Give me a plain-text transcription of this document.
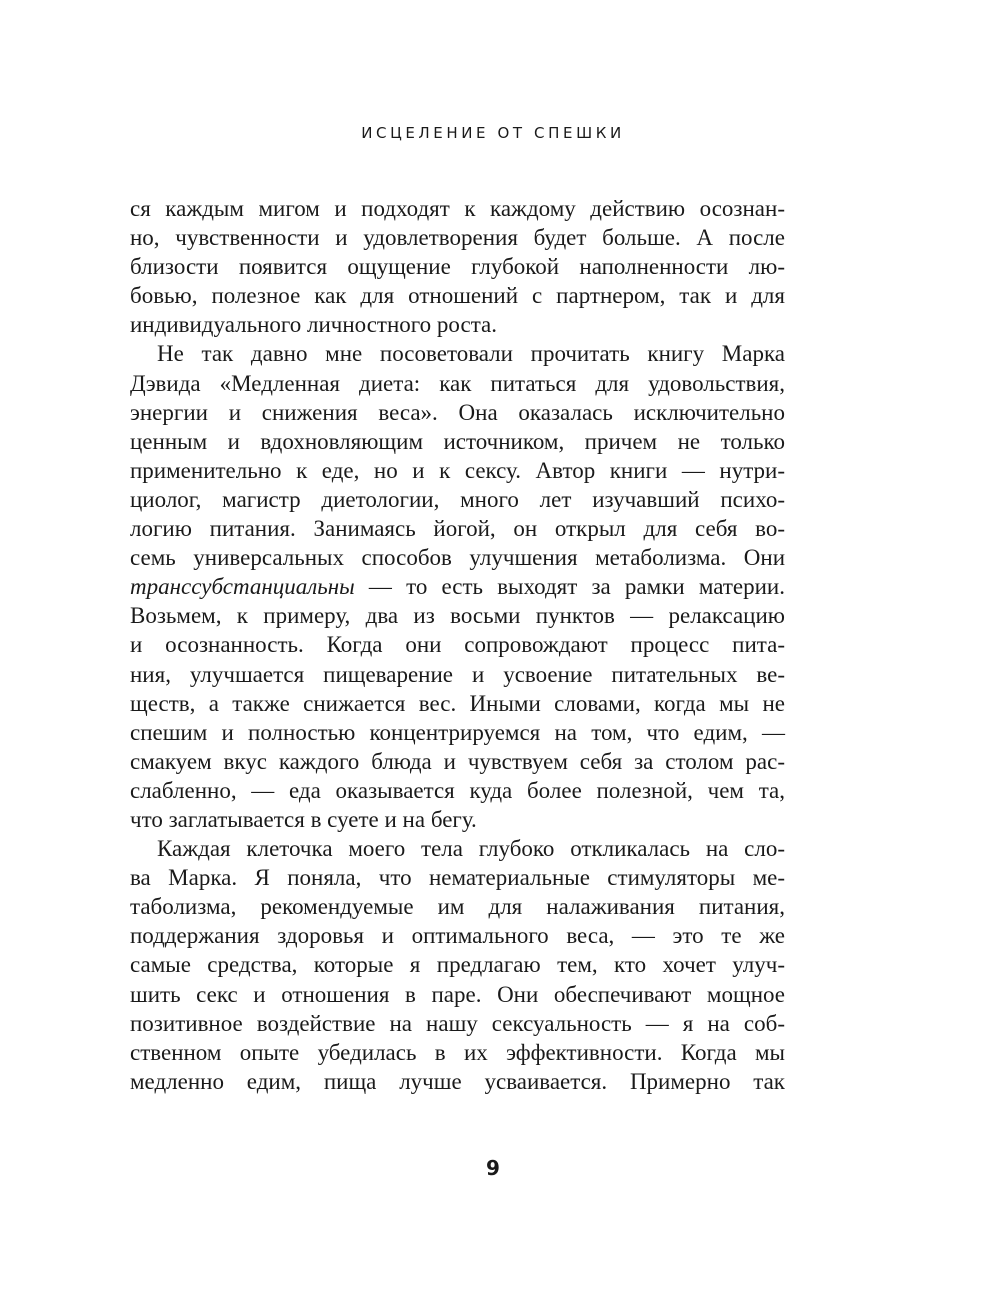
ИСЦЕЛЕНИЕ ОТ СПЕШКИ
ся каждым мигом и подходят к каждому действию осознан-
но, чувственности и удовлетворения будет больше. А после
близости появится ощущение глубокой наполненности лю-
бовью, полезное как для отношений с партнером, так и для
индивидуального личностного роста.
Не так давно мне посоветовали прочитать книгу Марка
Дэвида «Медленная диета: как питаться для удовольствия,
энергии и снижения веса». Она оказалась исключительно
ценным и вдохновляющим источником, причем не только
применительно к еде, но и к сексу. Автор книги — нутри-
циолог, магистр диетологии, много лет изучавший психо-
логию питания. Занимаясь йогой, он открыл для себя во-
семь универсальных способов улучшения метаболизма. Они
транссубстанциальны — то есть выходят за рамки материи.
Возьмем, к примеру, два из восьми пунктов — релаксацию
и осознанность. Когда они сопровождают процесс пита-
ния, улучшается пищеварение и усвоение питательных ве-
ществ, а также снижается вес. Иными словами, когда мы не
спешим и полностью концентрируемся на том, что едим, —
смакуем вкус каждого блюда и чувствуем себя за столом рас-
слабленно, — еда оказывается куда более полезной, чем та,
что заглатывается в суете и на бегу.
Каждая клеточка моего тела глубоко откликалась на сло-
ва Марка. Я поняла, что нематериальные стимуляторы ме-
таболизма, рекомендуемые им для налаживания питания,
поддержания здоровья и оптимального веса, — это те же
самые средства, которые я предлагаю тем, кто хочет улуч-
шить секс и отношения в паре. Они обеспечивают мощное
позитивное воздействие на нашу сексуальность — я на соб-
ственном опыте убедилась в их эффективности. Когда мы
медленно едим, пища лучше усваивается. Примерно так
9
